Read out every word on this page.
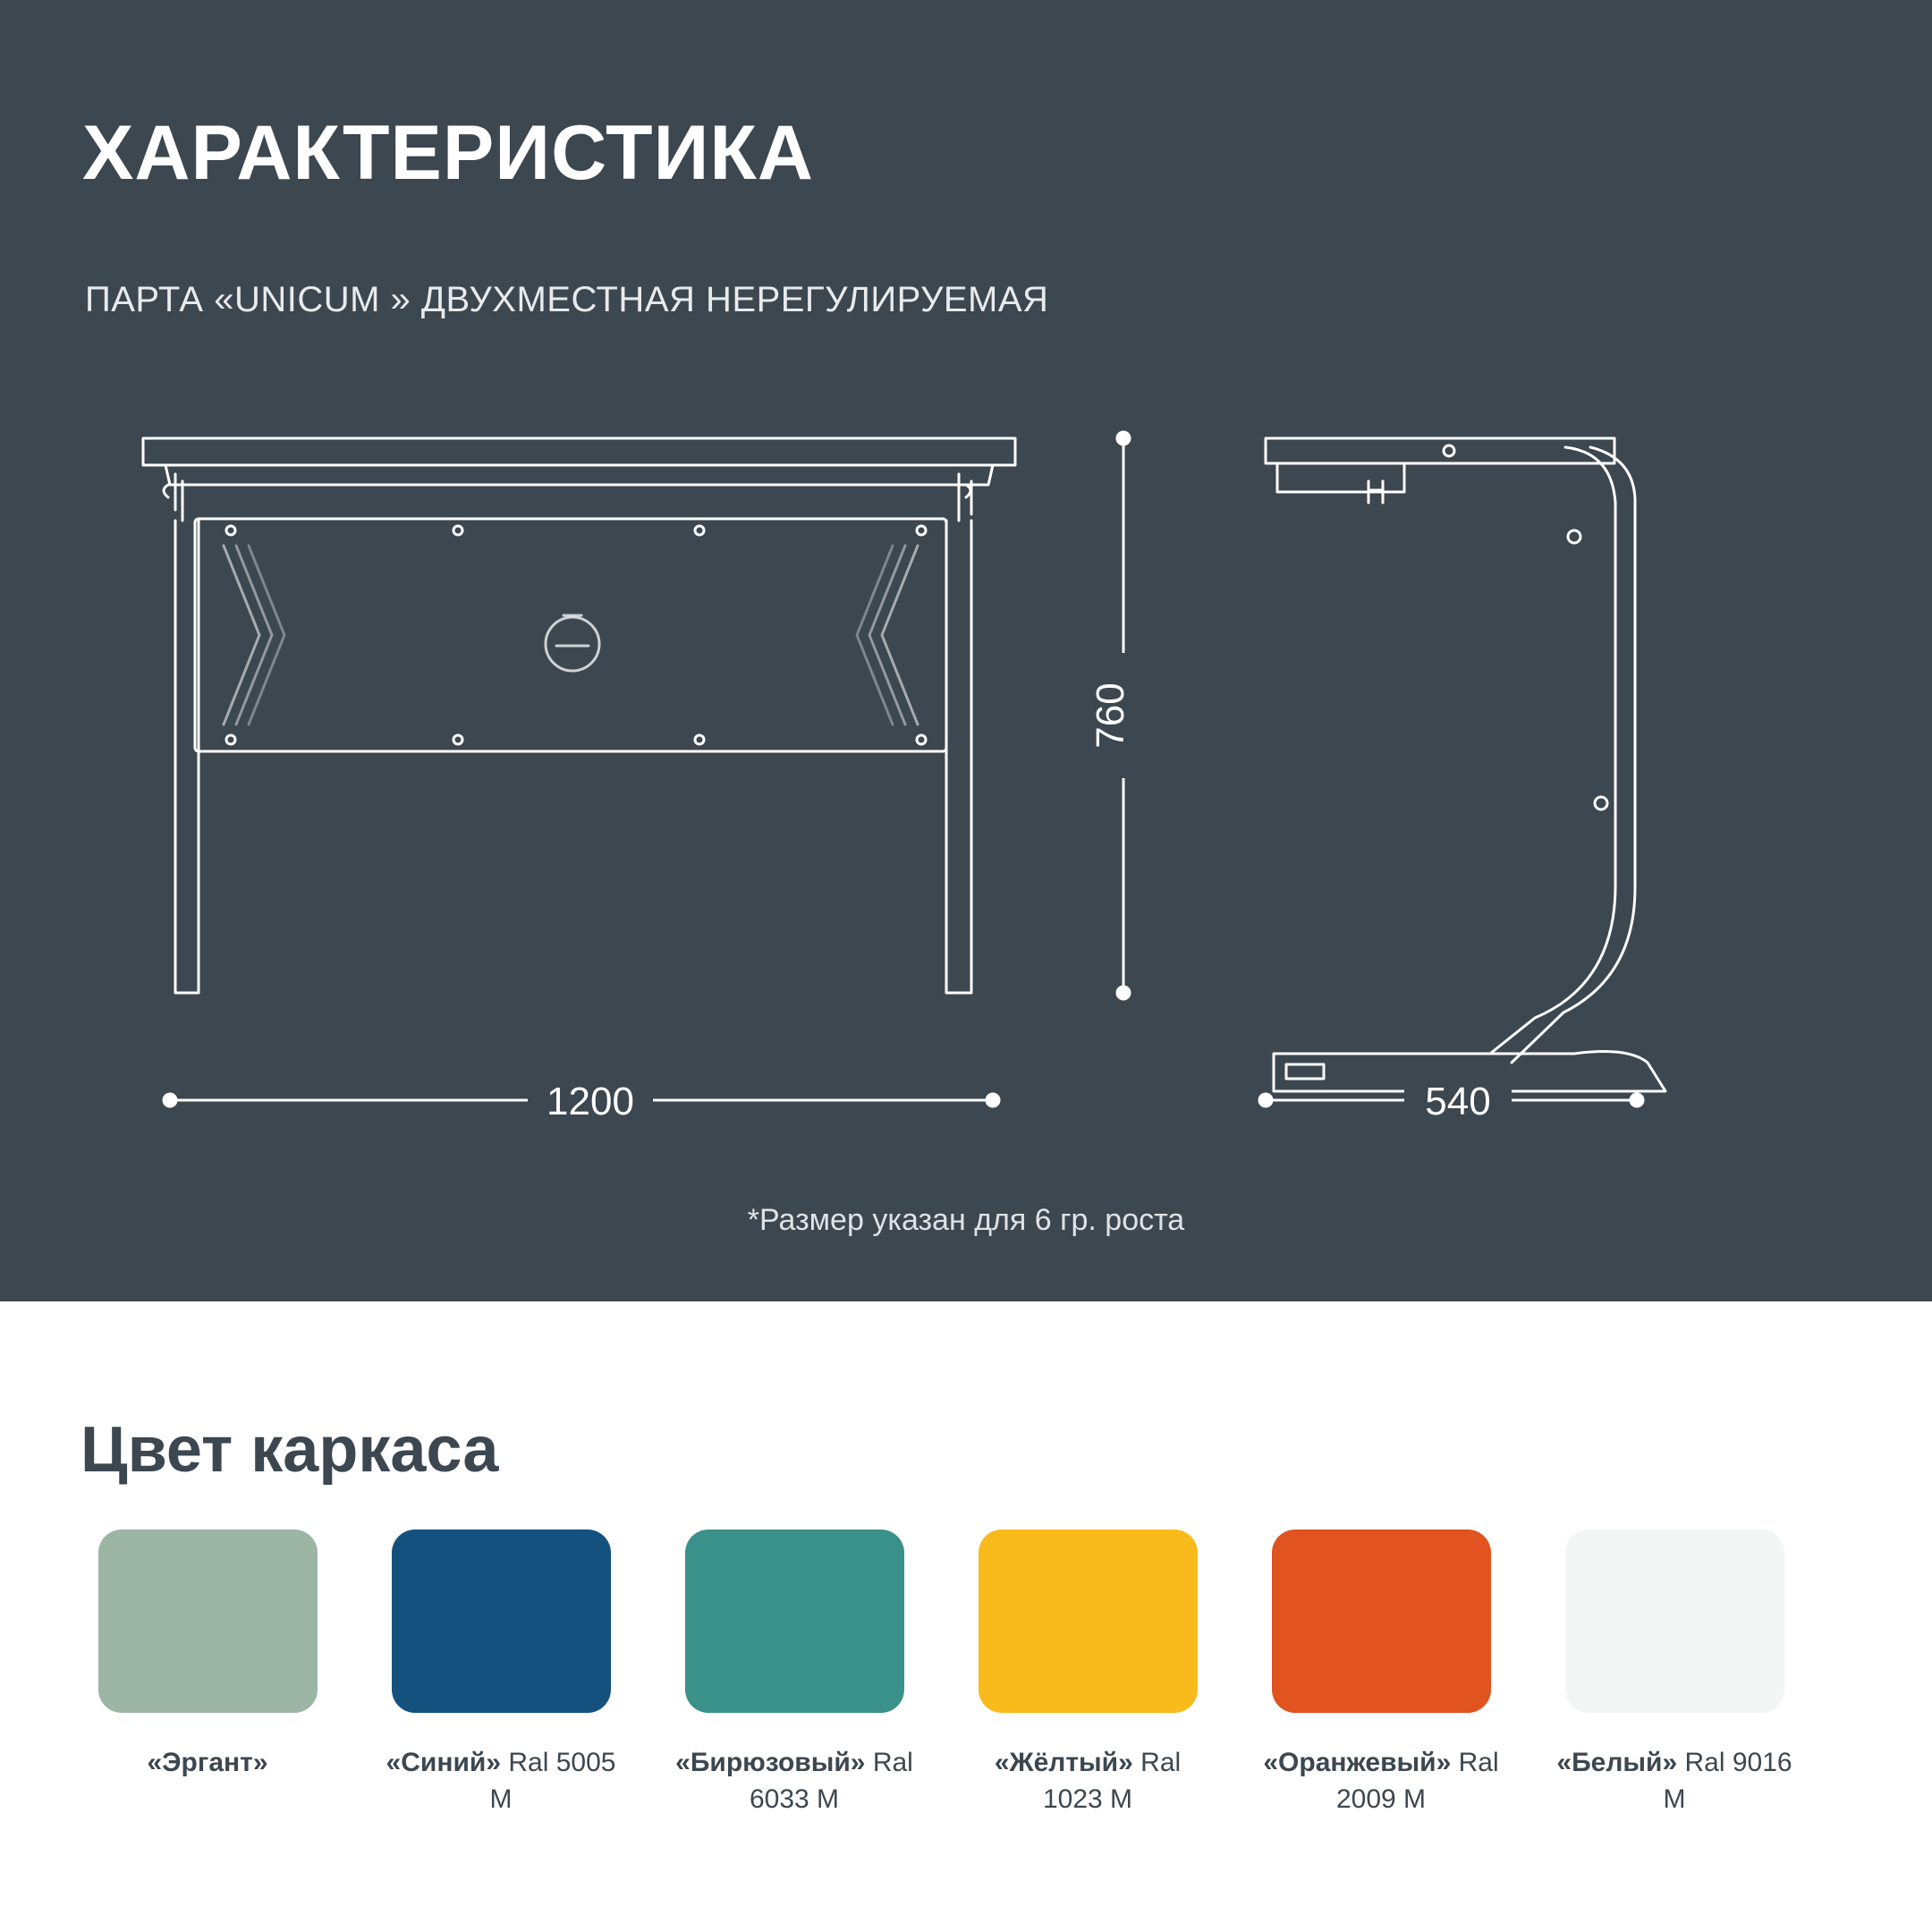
ХАРАКТЕРИСТИКА
ПАРТА «UNICUM » ДВУХМЕСТНАЯ НЕРЕГУЛИРУЕМАЯ
760
1200	540
*Размер указан для 6 гр. роста
Цвет каркаса
«Эргант»	«Синий» Ral 5005 M
«Бирюзовый» Ral 6033 M
«Жёлтый» Ral 1023 M
«Оранжевый» Ral 2009 M
«Белый» Ral 9016 M
